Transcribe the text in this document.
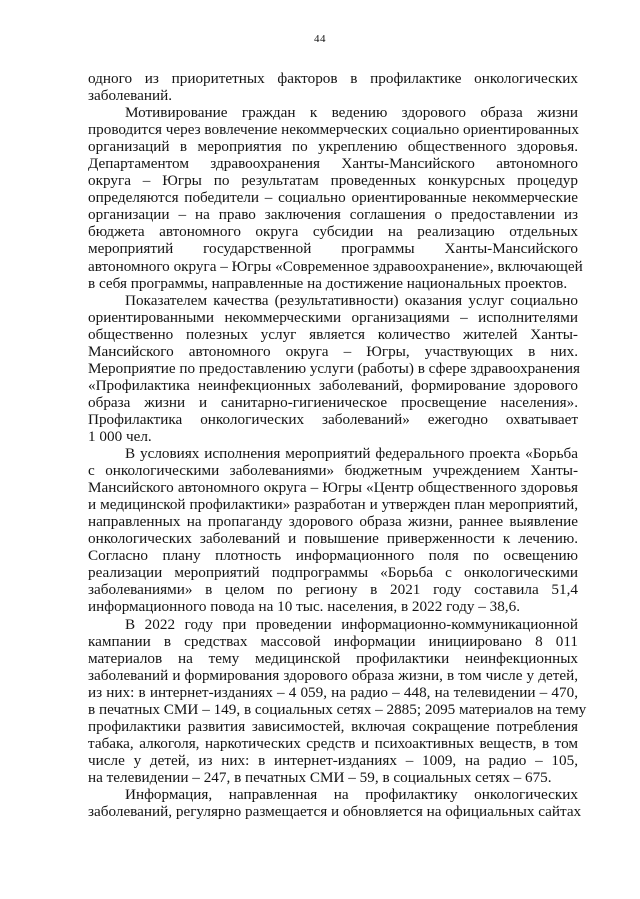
44
одного из приоритетных факторов в профилактике онкологических
заболеваний.
Мотивирование граждан к ведению здорового образа жизни
проводится через вовлечение некоммерческих социально ориентированных
организаций в мероприятия по укреплению общественного здоровья.
Департаментом здравоохранения Ханты-Мансийского автономного
округа – Югры по результатам проведенных конкурсных процедур
определяются победители – социально ориентированные некоммерческие
организации – на право заключения соглашения о предоставлении из
бюджета автономного округа субсидии на реализацию отдельных
мероприятий государственной программы Ханты-Мансийского
автономного округа – Югры «Современное здравоохранение», включающей
в себя программы, направленные на достижение национальных проектов.
Показателем качества (результативности) оказания услуг социально
ориентированными некоммерческими организациями – исполнителями
общественно полезных услуг является количество жителей Ханты-
Мансийского автономного округа – Югры, участвующих в них.
Мероприятие по предоставлению услуги (работы) в сфере здравоохранения
«Профилактика неинфекционных заболеваний, формирование здорового
образа жизни и санитарно-гигиеническое просвещение населения».
Профилактика онкологических заболеваний» ежегодно охватывает
1 000 чел.
В условиях исполнения мероприятий федерального проекта «Борьба
с онкологическими заболеваниями» бюджетным учреждением Ханты-
Мансийского автономного округа – Югры «Центр общественного здоровья
и медицинской профилактики» разработан и утвержден план мероприятий,
направленных на пропаганду здорового образа жизни, раннее выявление
онкологических заболеваний и повышение приверженности к лечению.
Согласно плану плотность информационного поля по освещению
реализации мероприятий подпрограммы «Борьба с онкологическими
заболеваниями» в целом по региону в 2021 году составила 51,4
информационного повода на 10 тыс. населения, в 2022 году – 38,6.
В 2022 году при проведении информационно-коммуникационной
кампании в средствах массовой информации инициировано 8 011
материалов на тему медицинской профилактики неинфекционных
заболеваний и формирования здорового образа жизни, в том числе у детей,
из них: в интернет-изданиях – 4 059, на радио – 448, на телевидении – 470,
в печатных СМИ – 149, в социальных сетях – 2885; 2095 материалов на тему
профилактики развития зависимостей, включая сокращение потребления
табака, алкоголя, наркотических средств и психоактивных веществ, в том
числе у детей, из них: в интернет-изданиях – 1009, на радио – 105,
на телевидении – 247, в печатных СМИ – 59, в социальных сетях – 675.
Информация, направленная на профилактику онкологических
заболеваний, регулярно размещается и обновляется на официальных сайтах
